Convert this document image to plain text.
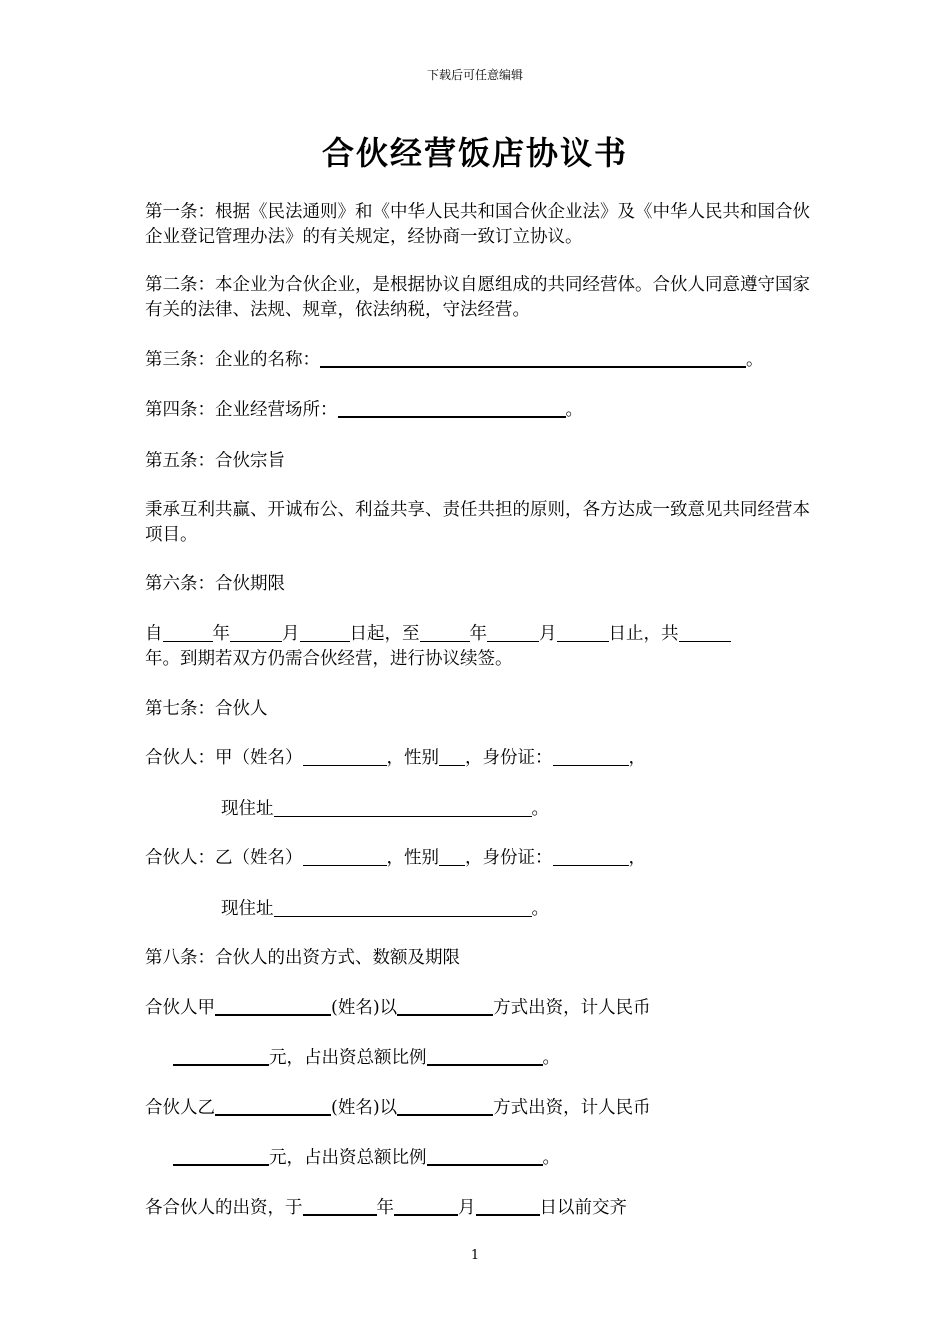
下载后可任意编辑
合伙经营饭店协议书
第一条：根据《民法通则》和《中华人民共和国合伙企业法》及《中华人民共和国合伙企业登记管理办法》的有关规定，经协商一致订立协议。
第二条：本企业为合伙企业，是根据协议自愿组成的共同经营体。合伙人同意遵守国家有关的法律、法规、规章，依法纳税，守法经营。
第三条：企业的名称：	。
第四条：企业经营场所：	。
第五条：合伙宗旨
秉承互利共赢、开诚布公、利益共享、责任共担的原则，各方达成一致意见共同经营本项目。
第六条：合伙期限
自	年	月	日起，至	年	月	日止，共
年。到期若双方仍需合伙经营，进行协议续签。
第七条：合伙人
合伙人：甲（姓名）	，性别 ，身份证：	，
现住址	。
合伙人：乙（姓名）	，性别 ，身份证：	，
现住址	。
第八条：合伙人的出资方式、数额及期限
合伙人甲	(姓名)以	方式出资，计人民币
元，占出资总额比例	。
合伙人乙	(姓名)以	方式出资，计人民币
元，占出资总额比例	。
各合伙人的出资，于	年	月	日以前交齐
1
